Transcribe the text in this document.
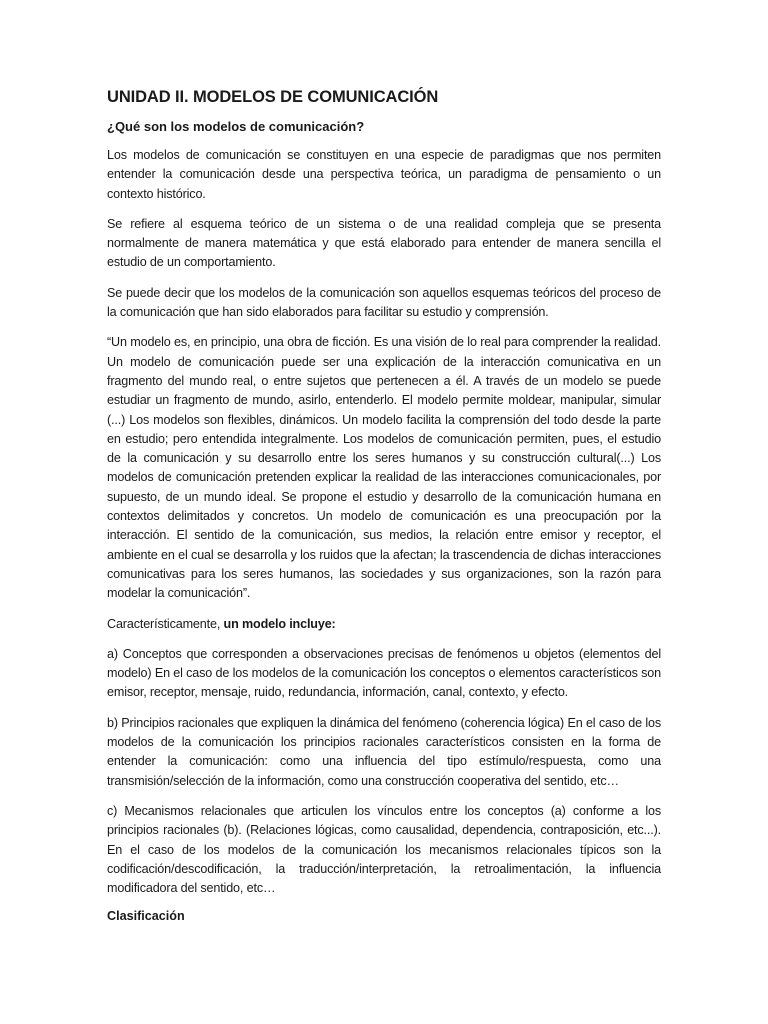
UNIDAD II. MODELOS DE COMUNICACIÓN
¿Qué son los modelos de comunicación?

Los modelos de comunicación se constituyen en una especie de paradigmas que nos permiten entender la comunicación desde una perspectiva teórica, un paradigma de pensamiento o un contexto histórico.

Se refiere al esquema teórico de un sistema o de una realidad compleja que se presenta normalmente de manera matemática y que está elaborado para entender de manera sencilla el estudio de un comportamiento.

Se puede decir que los modelos de la comunicación son aquellos esquemas teóricos del proceso de la comunicación que han sido elaborados para facilitar su estudio y comprensión.

“Un modelo es, en principio, una obra de ficción. Es una visión de lo real para comprender la realidad. Un modelo de comunicación puede ser una explicación de la interacción comunicativa en un fragmento del mundo real, o entre sujetos que pertenecen a él. A través de un modelo se puede estudiar un fragmento de mundo, asirlo, entenderlo. El modelo permite moldear, manipular, simular (...) Los modelos son flexibles, dinámicos. Un modelo facilita la comprensión del todo desde la parte en estudio; pero entendida integralmente. Los modelos de comunicación permiten, pues, el estudio de la comunicación y su desarrollo entre los seres humanos y su construcción cultural(...) Los modelos de comunicación pretenden explicar la realidad de las interacciones comunicacionales, por supuesto, de un mundo ideal. Se propone el estudio y desarrollo de la comunicación humana en contextos delimitados y concretos. Un modelo de comunicación es una preocupación por la interacción. El sentido de la comunicación, sus medios, la relación entre emisor y receptor, el ambiente en el cual se desarrolla y los ruidos que la afectan; la trascendencia de dichas interacciones comunicativas para los seres humanos, las sociedades y sus organizaciones, son la razón para modelar la comunicación”.

Característicamente, un modelo incluye:

a) Conceptos que corresponden a observaciones precisas de fenómenos u objetos (elementos del modelo) En el caso de los modelos de la comunicación los conceptos o elementos característicos son emisor, receptor, mensaje, ruido, redundancia, información, canal, contexto, y efecto.

b) Principios racionales que expliquen la dinámica del fenómeno (coherencia lógica) En el caso de los modelos de la comunicación los principios racionales característicos consisten en la forma de entender la comunicación: como una influencia del tipo estímulo/respuesta, como una transmisión/selección de la información, como una construcción cooperativa del sentido, etc…

c) Mecanismos relacionales que articulen los vínculos entre los conceptos (a) conforme a los principios racionales (b). (Relaciones lógicas, como causalidad, dependencia, contraposición, etc...). En el caso de los modelos de la comunicación los mecanismos relacionales típicos son la codificación/descodificación, la traducción/interpretación, la retroalimentación, la influencia modificadora del sentido, etc…

Clasificación
